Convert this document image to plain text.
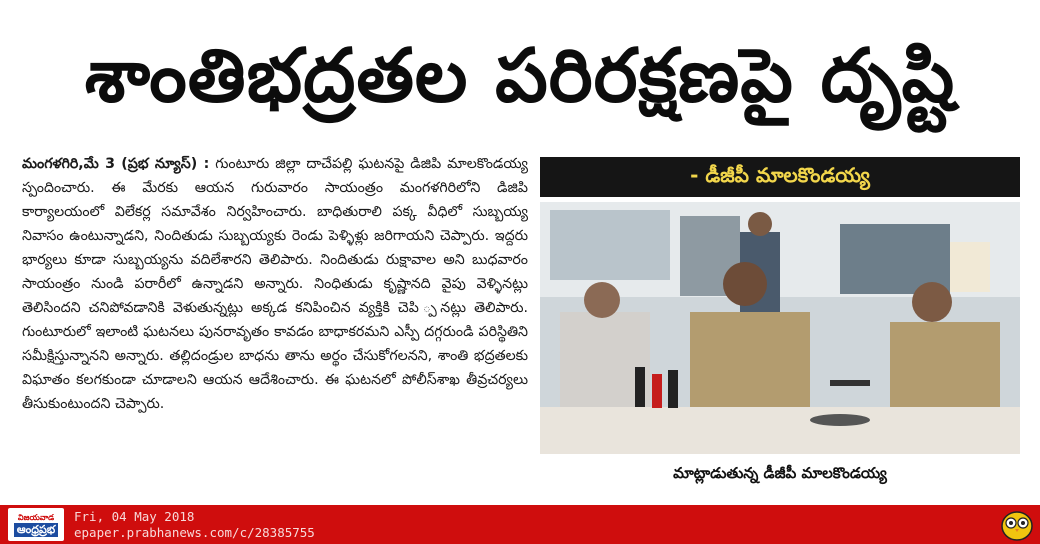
శాంతిభద్రతల పరిరక్షణపై దృష్టి
మంగళగిరి,మే 3 (ప్రభ న్యూస్) : గుంటూరు జిల్లా దాచేపల్లి ఘటనపై డిజిపి మాలకొండయ్య స్పందించారు. ఈ మేరకు ఆయన గురువారం సాయంత్రం మంగళగిరిలోని డిజిపి కార్యాలయంలో విలేకర్ల సమావేశం నిర్వహించారు. బాధితురాలి పక్క వీధిలో సుబ్బయ్య నివాసం ఉంటున్నాడని, నిందితుడు సుబ్బయ్యకు రెండు పెళ్ళిళ్లు జరిగాయని చెప్పారు. ఇద్దరు భార్యలు కూడా సుబ్బయ్యను వదిలేశారని తెలిపారు. నిందితుడు రుక్షావాల అని బుధవారం సాయంత్రం నుండి పరారీలో ఉన్నాడని అన్నారు. నింధితుడు కృష్ణానది వైపు వెళ్ళినట్లు తెలిసిందని చనిపోవడానికి వెళుతున్నట్లు అక్కడ కనిపించిన వ్యక్తికి చెపి ్పనట్లు తెలిపారు. గుంటూరులో ఇలాంటి ఘటనలు పునరావృతం కావడం బాధాకరమని ఎస్పీ దగ్గరుండి పరిస్థితిని సమీక్షిస్తున్నానని అన్నారు. తల్లిదండ్రుల బాధను తాను అర్థం చేసుకోగలనని, శాంతి భద్రతలకు విఘాతం కలగకుండా చూడాలని ఆయన ఆదేశించారు. ఈ ఘటనలో పోలీస్‌శాఖ తీవ్రచర్యలు తీసుకుంటుందని చెప్పారు.
- డీజీపీ మాలకొండయ్య
మాట్లాడుతున్న డీజీపీ మాలకొండయ్య
విజయవాడ
ఆంధ్రప్రభ
Fri, 04 May 2018
epaper.prabhanews.com/c/28385755
